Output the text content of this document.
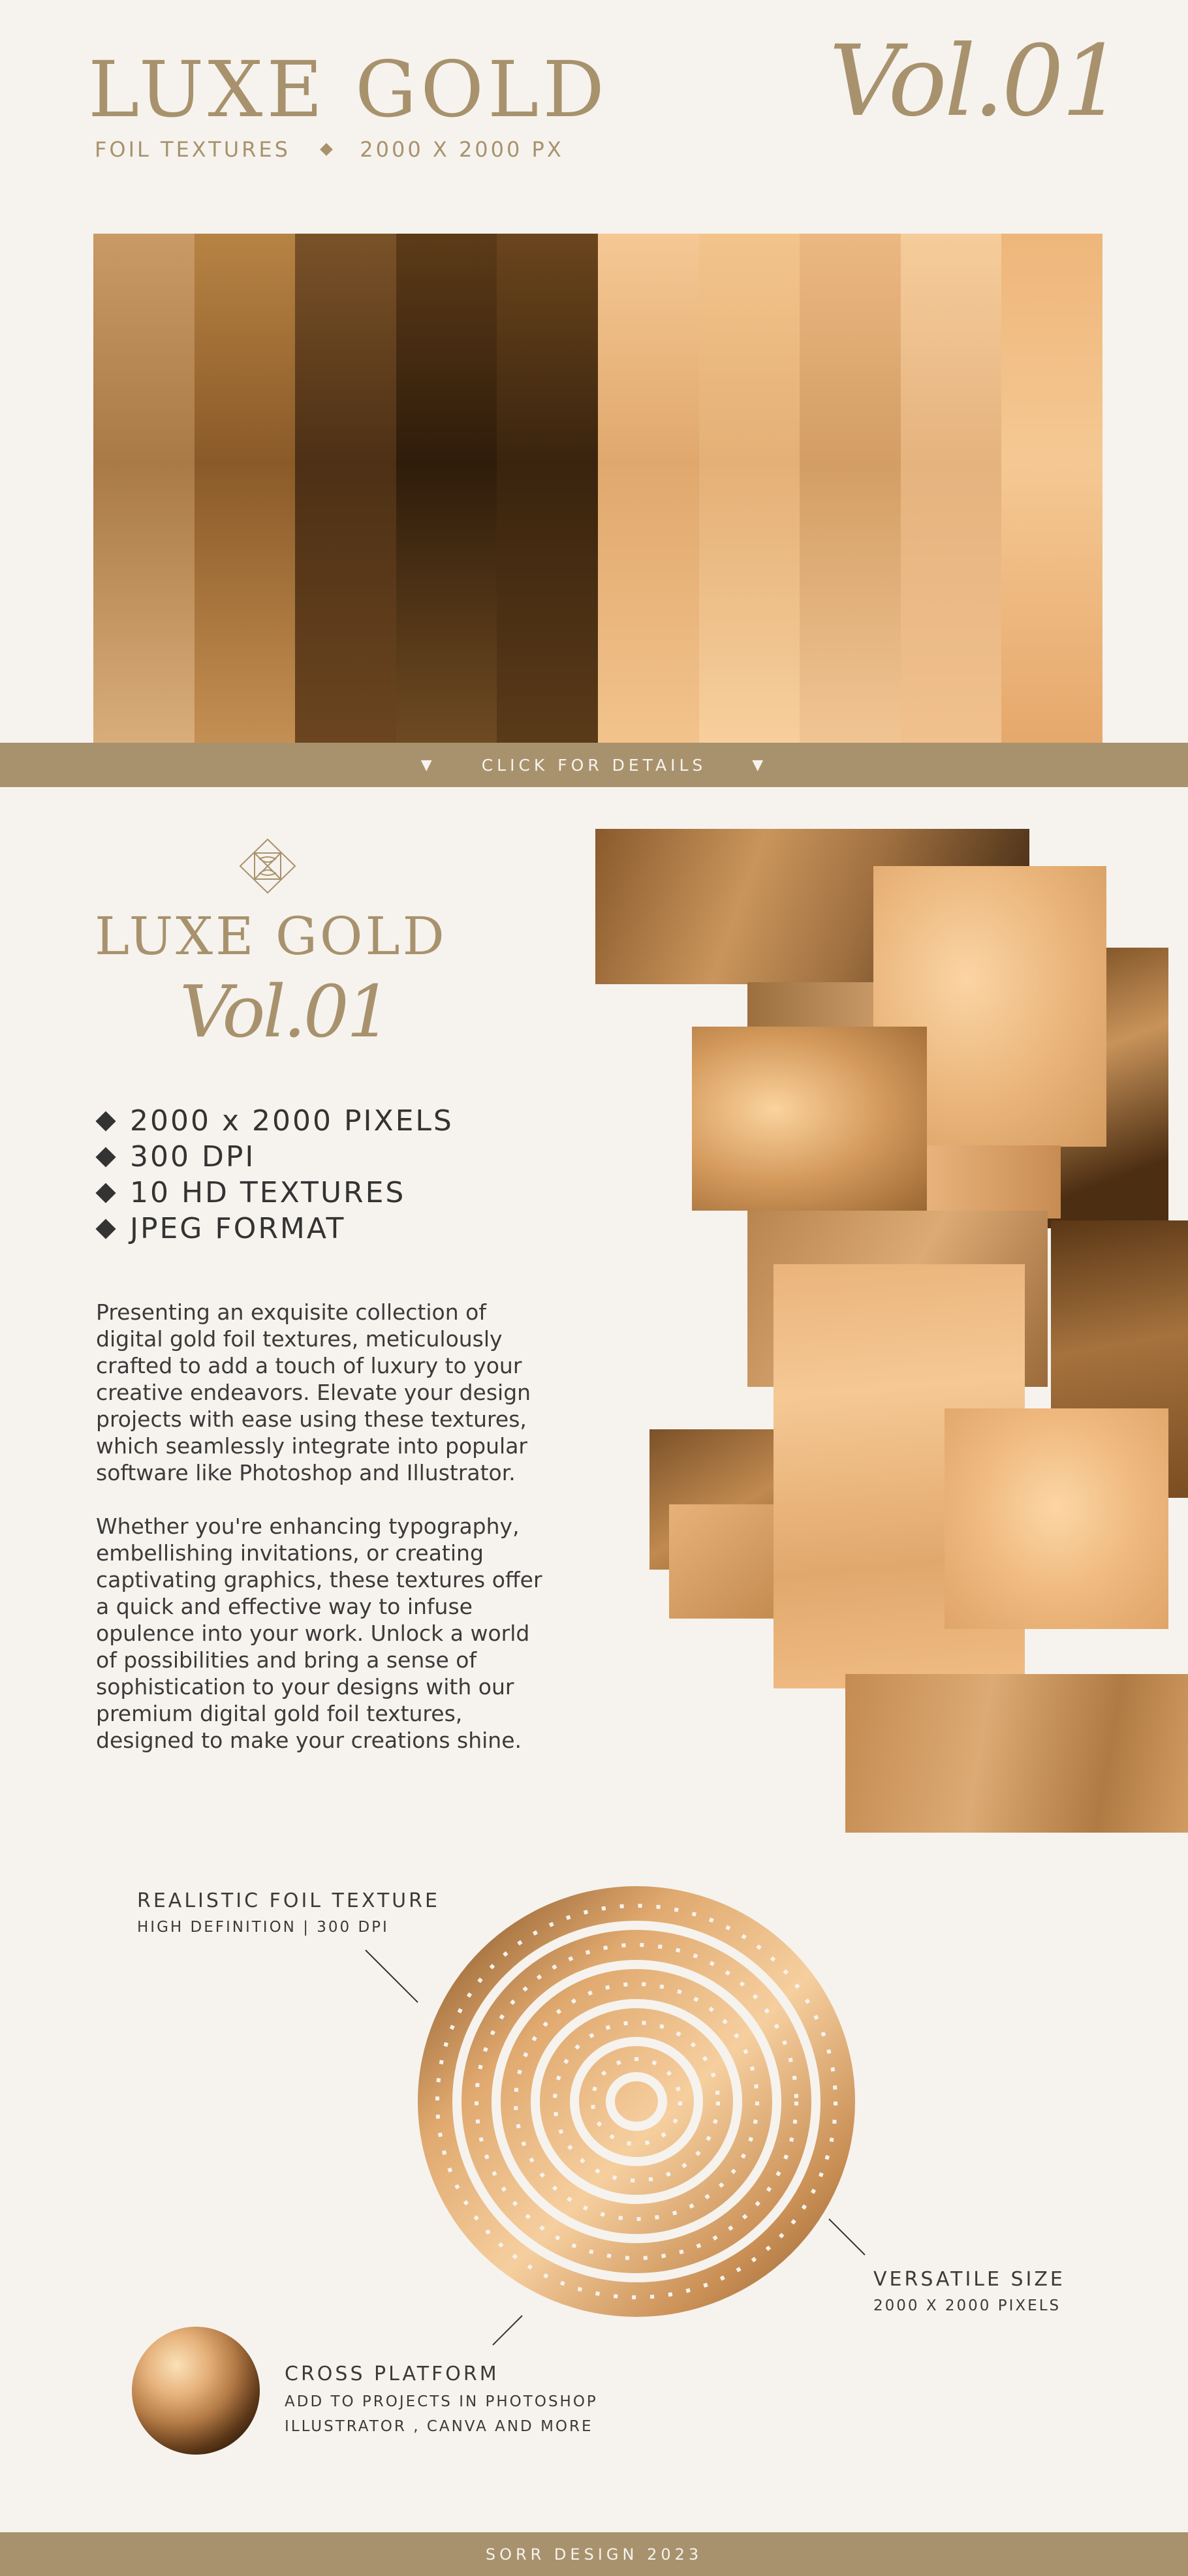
LUXE GOLD
FOIL TEXTURES	2000 X 2000 PX
Vol.01
▼	CLICK FOR DETAILS	▼
LUXE GOLD
Vol.01
2000 x 2000 PIXELS
300 DPI
10 HD TEXTURES
JPEG FORMAT
Presenting an exquisite collection of digital gold foil textures, meticulously crafted to add a touch of luxury to your creative endeavors. Elevate your design projects with ease using these textures, which seamlessly integrate into popular software like Photoshop and Illustrator.
Whether you're enhancing typography, embellishing invitations, or creating captivating graphics, these textures offer a quick and effective way to infuse opulence into your work. Unlock a world of possibilities and bring a sense of sophistication to your designs with our premium digital gold foil textures, designed to make your creations shine.
REALISTIC FOIL TEXTURE
HIGH DEFINITION | 300 DPI
VERSATILE SIZE
2000 X 2000 PIXELS
CROSS PLATFORM
ADD TO PROJECTS IN PHOTOSHOP
ILLUSTRATOR , CANVA AND MORE
SORR DESIGN 2023
